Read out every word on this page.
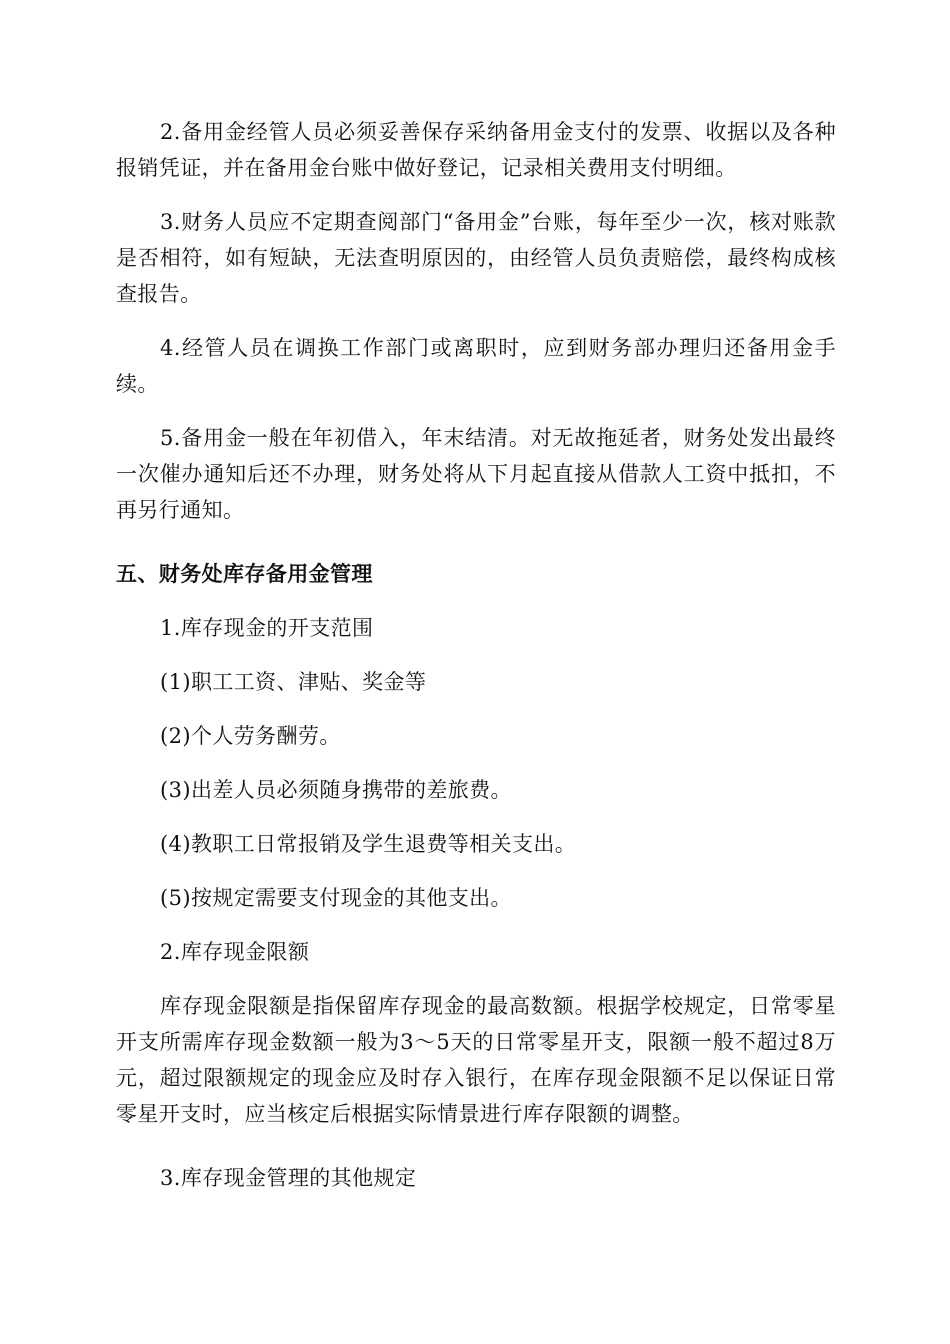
2.备用金经管人员必须妥善保存采纳备用金支付的发票、收据以及各种报销凭证，并在备用金台账中做好登记，记录相关费用支付明细。

3.财务人员应不定期查阅部门“备用金”台账，每年至少一次，核对账款是否相符，如有短缺，无法查明原因的，由经管人员负责赔偿，最终构成核查报告。

4.经管人员在调换工作部门或离职时，应到财务部办理归还备用金手续。

5.备用金一般在年初借入，年末结清。对无故拖延者，财务处发出最终一次催办通知后还不办理，财务处将从下月起直接从借款人工资中抵扣，不再另行通知。

五、财务处库存备用金管理

1.库存现金的开支范围

(1)职工工资、津贴、奖金等

(2)个人劳务酬劳。

(3)出差人员必须随身携带的差旅费。

(4)教职工日常报销及学生退费等相关支出。

(5)按规定需要支付现金的其他支出。

2.库存现金限额

库存现金限额是指保留库存现金的最高数额。根据学校规定，日常零星开支所需库存现金数额一般为3～5天的日常零星开支，限额一般不超过8万元，超过限额规定的现金应及时存入银行，在库存现金限额不足以保证日常零星开支时，应当核定后根据实际情景进行库存限额的调整。

3.库存现金管理的其他规定
